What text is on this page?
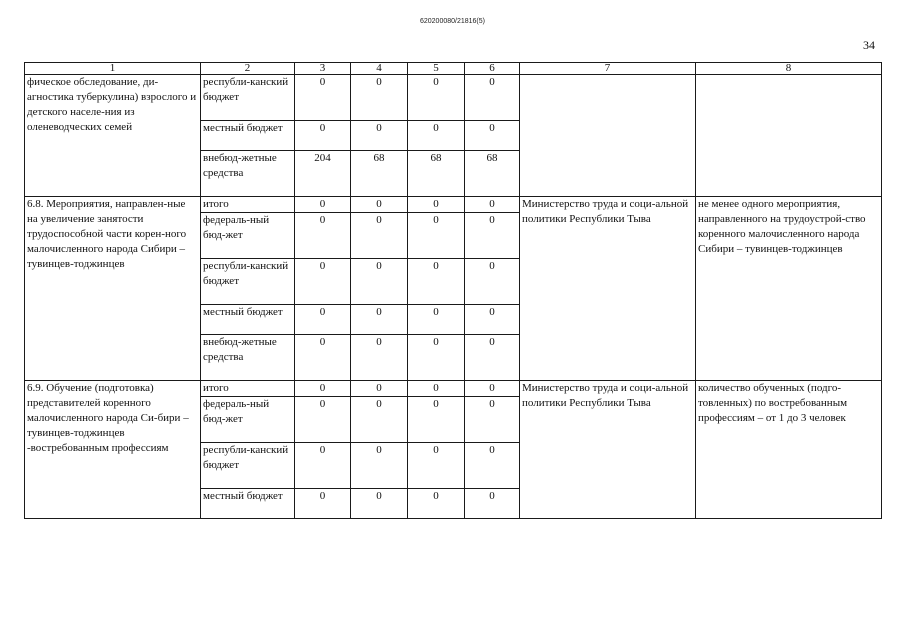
620200080/21816(5)
34
1	2	3	4	5	6	7	8
фическое обследование, ди-агностика туберкулина) взрослого и детского населе-ния из оленеводческих семей	республи-канский бюджет	0	0	0	0		
	местный бюджет	0	0	0	0		
	внебюд-жетные средства	204	68	68	68		
6.8. Мероприятия, направлен-ные на увеличение занятости трудоспособной части корен-ного малочисленного народа Сибири – тувинцев-тоджинцев	итого	0	0	0	0	Министерство труда и соци-альной политики Республики Тыва	не менее одного мероприятия, направленного на трудоустрой-ство коренного малочисленного народа Сибири – тувинцев-тоджинцев
	федераль-ный бюд-жет	0	0	0	0		
	республи-канский бюджет	0	0	0	0		
	местный бюджет	0	0	0	0		
	внебюд-жетные средства	0	0	0	0		
6.9. Обучение (подготовка) представителей коренного малочисленного народа Си-бири – тувинцев-тоджинцев -востребованным профессиям	итого	0	0	0	0	Министерство труда и соци-альной политики Республики Тыва	количество обученных (подго-товленных) по востребованным профессиям – от 1 до 3 человек
	федераль-ный бюд-жет	0	0	0	0		
	республи-канский бюджет	0	0	0	0		
	местный бюджет	0	0	0	0		
